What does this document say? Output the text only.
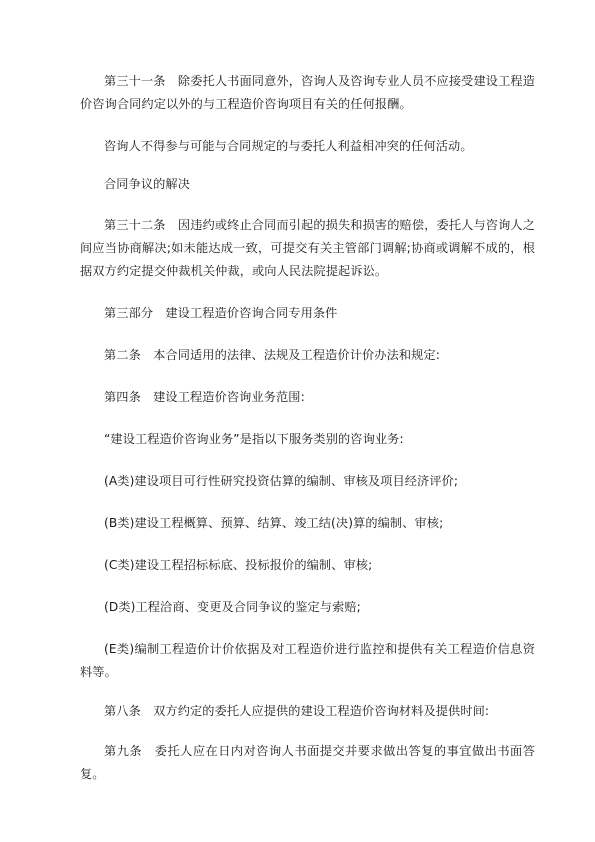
第三十一条　除委托人书面同意外，咨询人及咨询专业人员不应接受建设工程造价咨询合同约定以外的与工程造价咨询项目有关的任何报酬。

咨询人不得参与可能与合同规定的与委托人利益相冲突的任何活动。

合同争议的解决

第三十二条　因违约或终止合同而引起的损失和损害的赔偿，委托人与咨询人之间应当协商解决;如未能达成一致，可提交有关主管部门调解;协商或调解不成的，根据双方约定提交仲裁机关仲裁，或向人民法院提起诉讼。

第三部分　建设工程造价咨询合同专用条件

第二条　本合同适用的法律、法规及工程造价计价办法和规定:

第四条　建设工程造价咨询业务范围:

“建设工程造价咨询业务”是指以下服务类别的咨询业务:

(A类)建设项目可行性研究投资估算的编制、审核及项目经济评价;

(B类)建设工程概算、预算、结算、竣工结(决)算的编制、审核;

(C类)建设工程招标标底、投标报价的编制、审核;

(D类)工程洽商、变更及合同争议的鉴定与索赔;

(E类)编制工程造价计价依据及对工程造价进行监控和提供有关工程造价信息资料等。

第八条　双方约定的委托人应提供的建设工程造价咨询材料及提供时间:

第九条　委托人应在日内对咨询人书面提交并要求做出答复的事宜做出书面答复。
